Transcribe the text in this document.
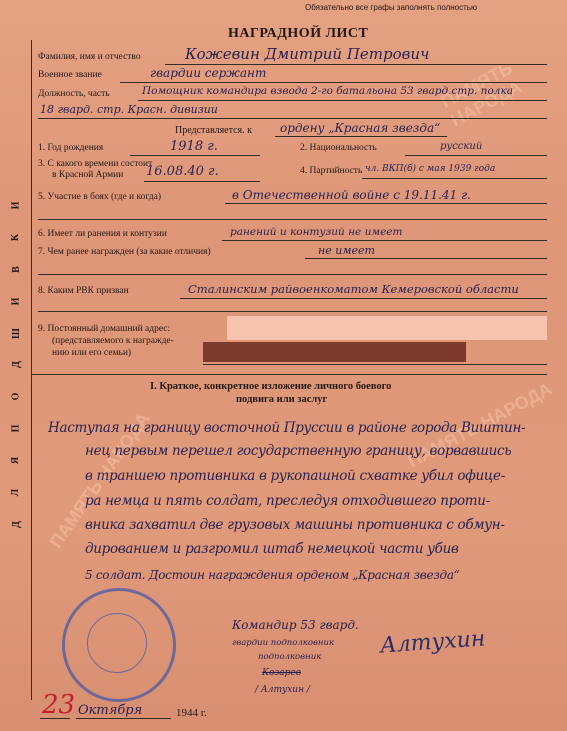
ПАМЯТЬ НАРОДА
ПАМЯТЬ НАРОДА
ПАМЯТЬ НАРОДА
Обязательно все графы заполнять полностью
НАГРАДНОЙ ЛИСТ
И
К
В
И
Ш
Д
О
П
Я
Л
Д
Фамилия, имя и отчество	Кожевин Дмитрий Петрович
Военное звание	гвардии сержант
Должность, часть	Помощник командира взвода 2-го батальона 53 гвард.стр. полка
18 гвард. стр. Красн. дивизии
Представляется. к ордену „Красная звезда“
1. Год рождения	1918 г.	2. Национальность	русский
3. С какого времени состоит
в Красной Армии 16.08.40 г.	4. Партийность чл. ВКП(б) с мая 1939 года
5. Участие в боях (где и когда)	в Отечественной войне с 19.11.41 г.
6. Имеет ли ранения и контузии	ранений и контузий не имеет
7. Чем ранее награжден (за какие отличия)	не имеет
8. Каким РВК призван	Сталинским райвоенкоматом Кемеровской области
9. Постоянный домашний адрес:
(представляемого к награжде-
нию или его семьи)
I. Краткое, конкретное изложение личного боевого
подвига или заслуг
Наступая на границу восточной Пруссии в районе города Виштин-
нец первым перешел государственную границу, ворвавшись
в траншею противника в рукопашной схватке убил офице-
ра немца и пять солдат, преследуя отходившего проти-
вника захватил две грузовых машины противника с обмун-
дированием и разгромил штаб немецкой части убив
5 солдат. Достоин награждения орденом „Красная звезда“
Командир 53 гвард.
гвардии подполковник
подполковник
Козарев
/ Алтухин /
Алтухин
23 Октября	1944 г.
